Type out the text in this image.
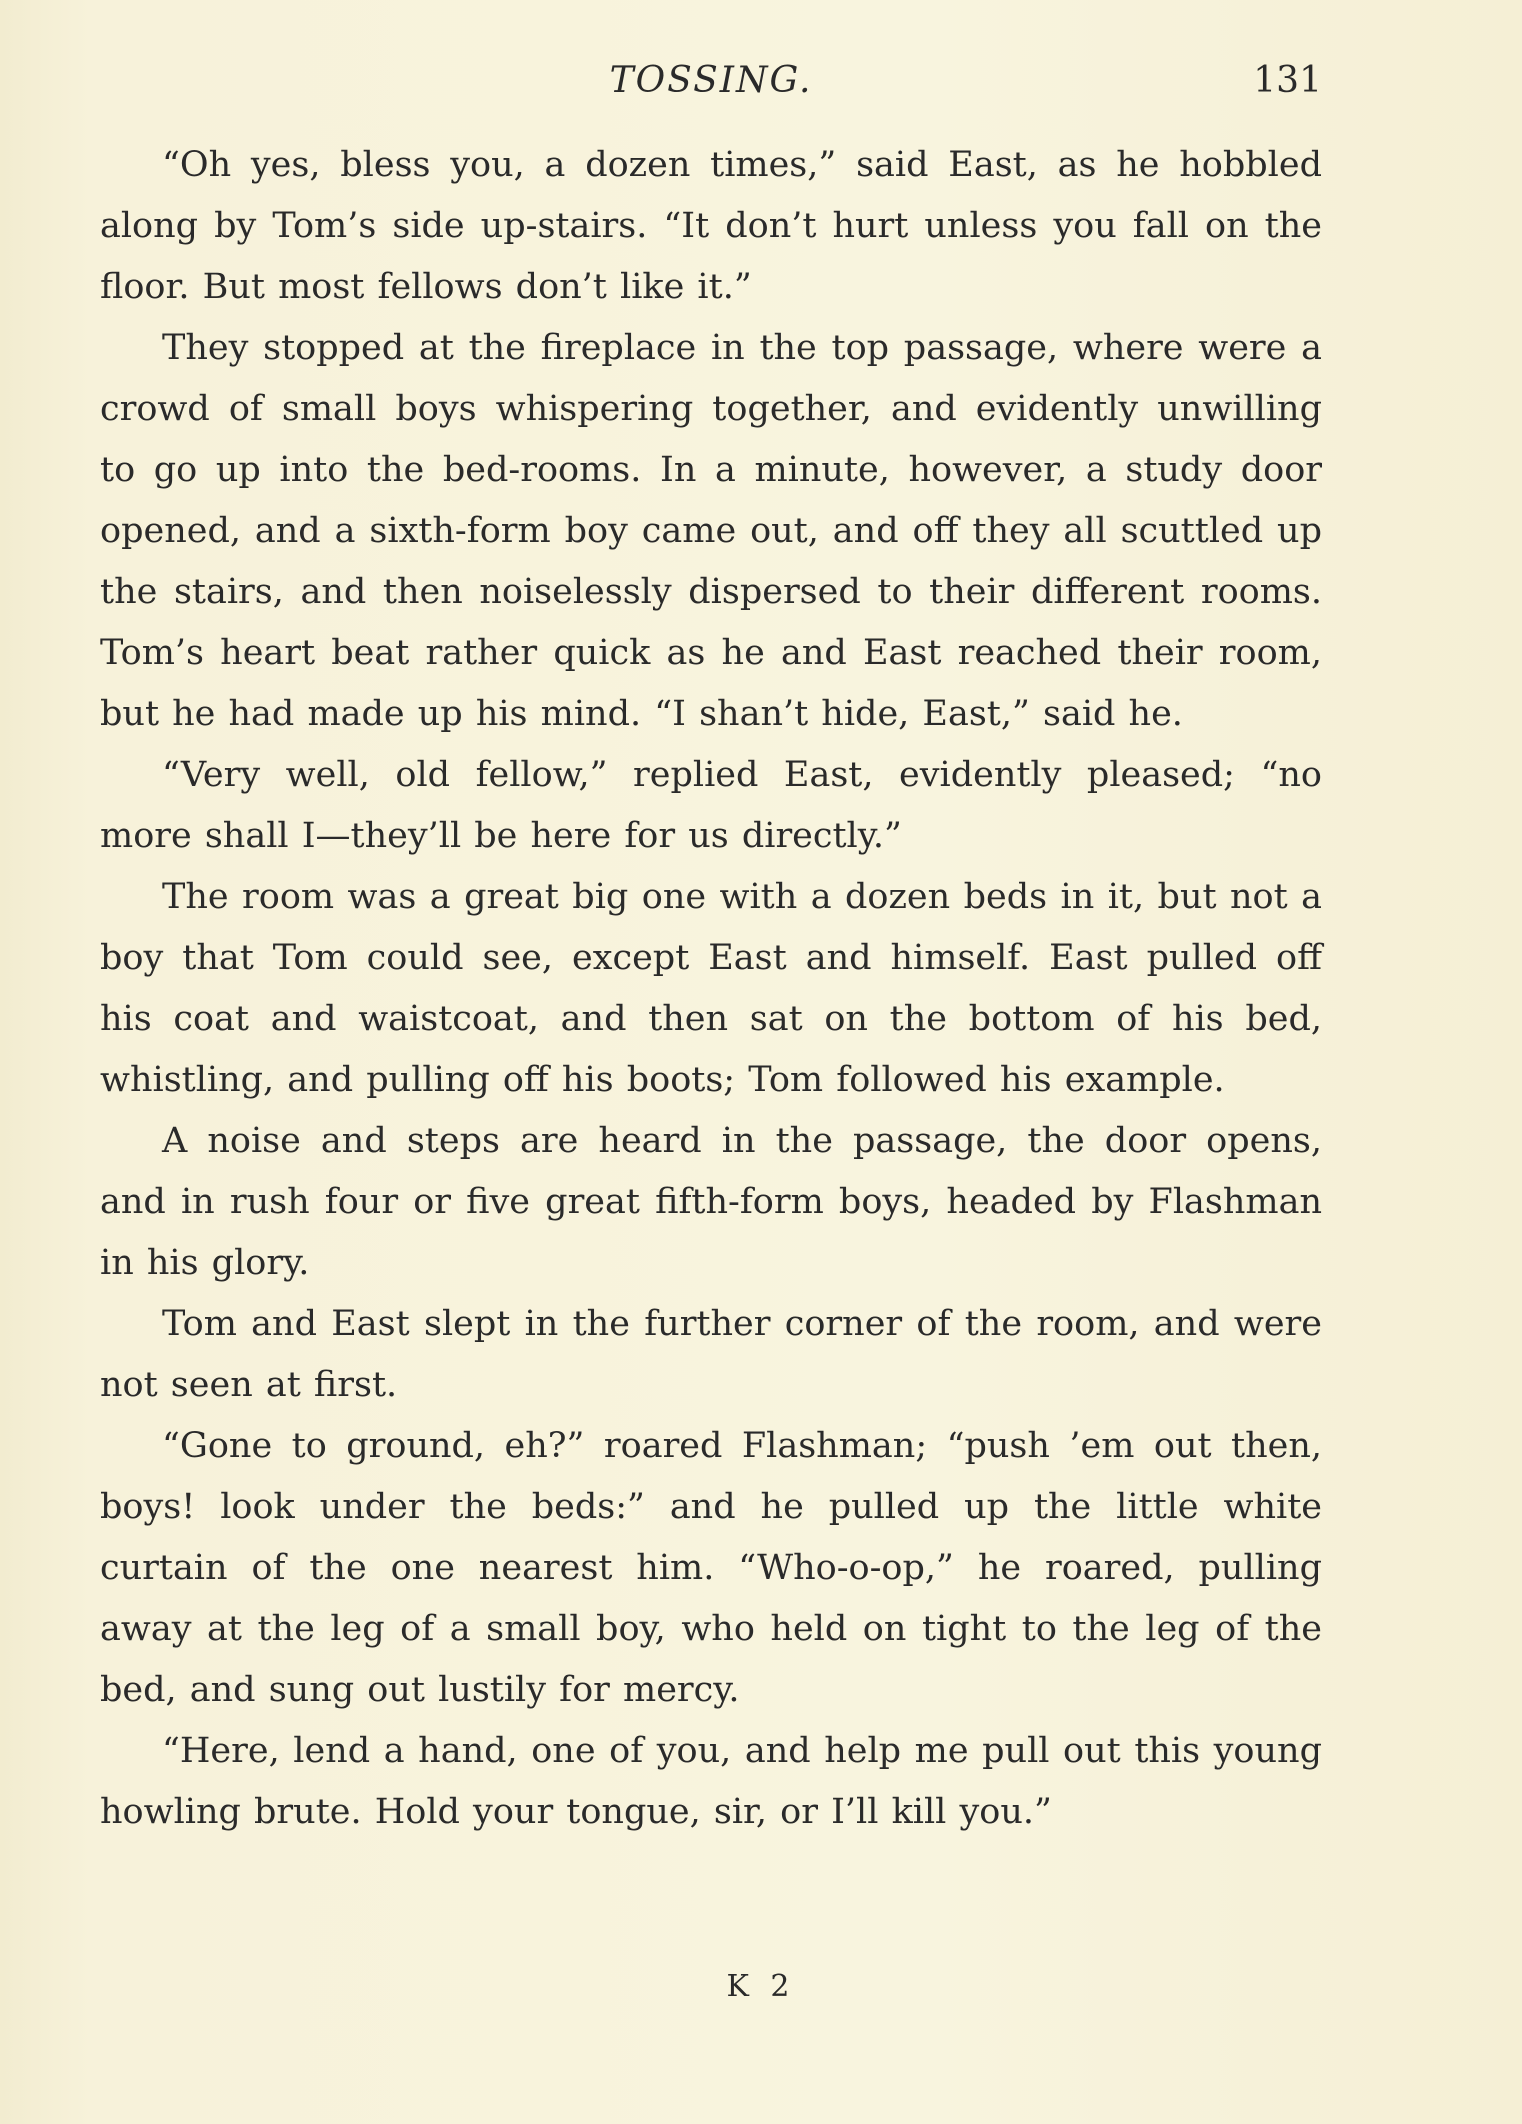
TOSSING.	131

“Oh yes, bless you, a dozen times,” said East, as he hobbled along by Tom’s side up-stairs. “It don’t hurt unless you fall on the floor. But most fellows don’t like it.”

They stopped at the fireplace in the top passage, where were a crowd of small boys whispering together, and evidently unwilling to go up into the bed-rooms. In a minute, however, a study door opened, and a sixth-form boy came out, and off they all scuttled up the stairs, and then noiselessly dispersed to their different rooms. Tom’s heart beat rather quick as he and East reached their room, but he had made up his mind. “I shan’t hide, East,” said he.

“Very well, old fellow,” replied East, evidently pleased; “no more shall I—they’ll be here for us directly.”

The room was a great big one with a dozen beds in it, but not a boy that Tom could see, except East and himself. East pulled off his coat and waistcoat, and then sat on the bottom of his bed, whistling, and pulling off his boots; Tom followed his example.

A noise and steps are heard in the passage, the door opens, and in rush four or five great fifth-form boys, headed by Flashman in his glory.

Tom and East slept in the further corner of the room, and were not seen at first.

“Gone to ground, eh?” roared Flashman; “push ’em out then, boys! look under the beds:” and he pulled up the little white curtain of the one nearest him. “Who-o-op,” he roared, pulling away at the leg of a small boy, who held on tight to the leg of the bed, and sung out lustily for mercy.

“Here, lend a hand, one of you, and help me pull out this young howling brute. Hold your tongue, sir, or I’ll kill you.”

K 2
